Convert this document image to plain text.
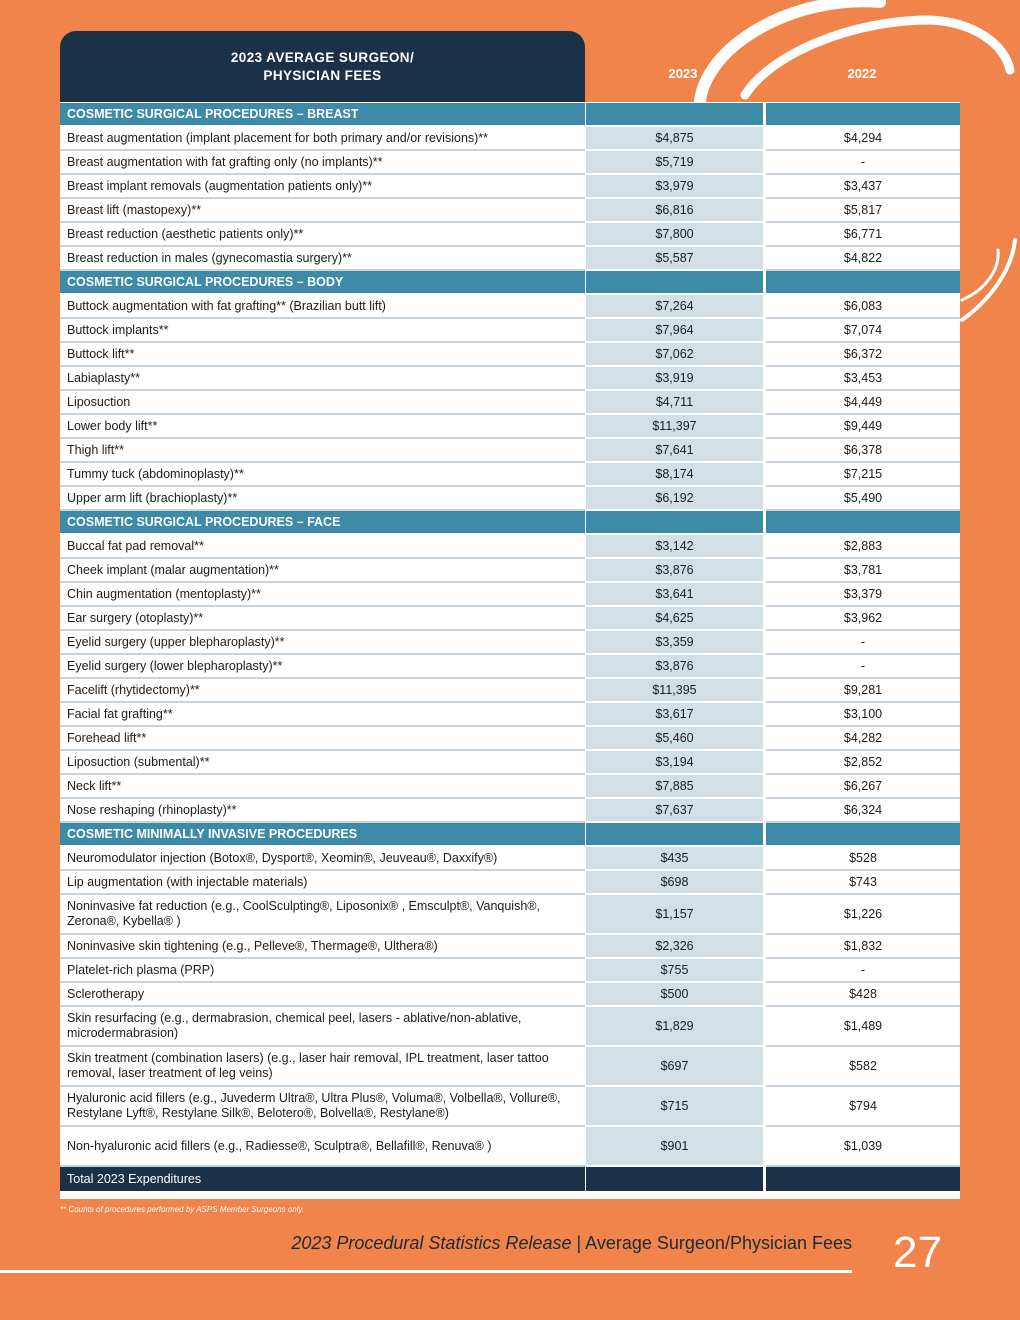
2023 AVERAGE SURGEON/
PHYSICIAN FEES	2023	2022
COSMETIC SURGICAL PROCEDURES – BREAST
Breast augmentation (implant placement for both primary and/or revisions)**	$4,875	$4,294
Breast augmentation with fat grafting only (no implants)**	$5,719	-
Breast implant removals (augmentation patients only)**	$3,979	$3,437
Breast lift (mastopexy)**	$6,816	$5,817
Breast reduction (aesthetic patients only)**	$7,800	$6,771
Breast reduction in males (gynecomastia surgery)**	$5,587	$4,822
COSMETIC SURGICAL PROCEDURES – BODY
Buttock augmentation with fat grafting** (Brazilian butt lift)	$7,264	$6,083
Buttock implants**	$7,964	$7,074
Buttock lift**	$7,062	$6,372
Labiaplasty**	$3,919	$3,453
Liposuction	$4,711	$4,449
Lower body lift**	$11,397	$9,449
Thigh lift**	$7,641	$6,378
Tummy tuck (abdominoplasty)**	$8,174	$7,215
Upper arm lift (brachioplasty)**	$6,192	$5,490
COSMETIC SURGICAL PROCEDURES – FACE
Buccal fat pad removal**	$3,142	$2,883
Cheek implant (malar augmentation)**	$3,876	$3,781
Chin augmentation (mentoplasty)**	$3,641	$3,379
Ear surgery (otoplasty)**	$4,625	$3,962
Eyelid surgery (upper blepharoplasty)**	$3,359	-
Eyelid surgery (lower blepharoplasty)**	$3,876	-
Facelift (rhytidectomy)**	$11,395	$9,281
Facial fat grafting**	$3,617	$3,100
Forehead lift**	$5,460	$4,282
Liposuction (submental)**	$3,194	$2,852
Neck lift**	$7,885	$6,267
Nose reshaping (rhinoplasty)**	$7,637	$6,324
COSMETIC MINIMALLY INVASIVE PROCEDURES
Neuromodulator injection (Botox®, Dysport®, Xeomin®, Jeuveau®, Daxxify®)	$435	$528
Lip augmentation (with injectable materials)	$698	$743
Noninvasive fat reduction (e.g., CoolSculpting®, Liposonix® , Emsculpt®, Vanquish®, Zerona®, Kybella® )	$1,157	$1,226
Noninvasive skin tightening (e.g., Pelleve®, Thermage®, Ulthera®)	$2,326	$1,832
Platelet-rich plasma (PRP)	$755	-
Sclerotherapy	$500	$428
Skin resurfacing (e.g., dermabrasion, chemical peel, lasers - ablative/non-ablative, microdermabrasion)	$1,829	$1,489
Skin treatment (combination lasers) (e.g., laser hair removal, IPL treatment, laser tattoo removal, laser treatment of leg veins)	$697	$582
Hyaluronic acid fillers (e.g., Juvederm Ultra®, Ultra Plus®, Voluma®, Volbella®, Vollure®, Restylane Lyft®, Restylane Silk®, Belotero®, Bolvella®, Restylane®)	$715	$794
Non-hyaluronic acid fillers (e.g., Radiesse®, Sculptra®, Bellafill®, Renuva® )	$901	$1,039
Total 2023 Expenditures
** Counts of procedures performed by ASPS Member Surgeons only.
2023 Procedural Statistics Release | Average Surgeon/Physician Fees 27
